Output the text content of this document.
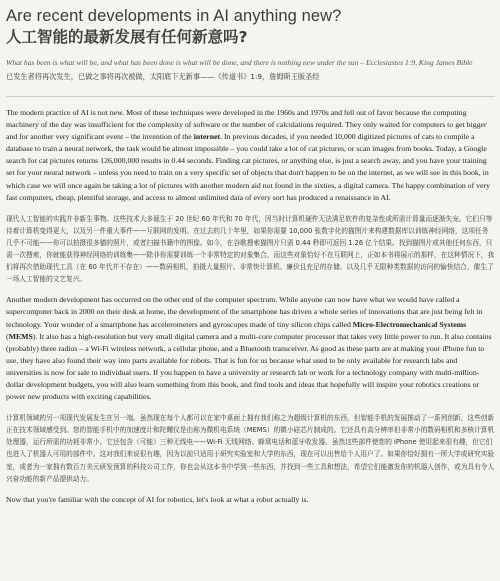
Are recent developments in AI anything new?
人工智能的最新发展有任何新意吗?

What has been is what will be, and what has been done is what will be done, and there is nothing new under the sun – Ecclesiastes 1:9, King James Bible

已发生者将再次发生，已做之事将再次被做，太阳底下无新事——《传道书》1:9，詹姆斯王版圣经

The modern practice of AI is not new. Most of these techniques were developed in the 1960s and 1970s and fell out of favor because the computing machinery of the day was insufficient for the complexity of software or the number of calculations required. They only waited for computers to get bigger and for another very significant event – the invention of the internet. In previous decades, if you needed 10,000 digitized pictures of cats to compile a database to train a neural network, the task would be almost impossible – you could take a lot of cat pictures, or scan images from books. Today, a Google search for cat pictures returns 126,000,000 results in 0.44 seconds. Finding cat pictures, or anything else, is just a search away, and you have your training set for your neural network – unless you need to train on a very specific set of objects that don't happen to be on the internet, as we will see in this book, in which case we will once again be taking a lot of pictures with another modern aid not found in the sixties, a digital camera. The happy combination of very fast computers, cheap, plentiful storage, and access to almost unlimited data of every sort has produced a renaissance in AI.

现代人工智能的实践并非新生事物。这些技术大多诞生于 20 世纪 60 年代和 70 年代，因当时计算机硬件无法满足软件的复杂性或所需计算量而逐渐失宠。它们只等待着计算机变得更大，以及另一件重大事件——互联网的发明。在过去的几十年里，如果你需要 10,000 张数字化的猫图片来构建数据库以训练神经网络，这项任务几乎不可能——你可以拍摄很多猫的照片，或者扫描书籍中的图像。如今，在谷歌搜索猫图片只需 0.44 秒即可返回 1.26 亿个结果。找到猫图片或其他任何东西，只需一次搜索，你就能获得神经网络的训练集——除非你需要训练一个非常特定的对象集合，而这些对象恰好不在互联网上，正如本书将展示的那样，在这种情况下，我们将再次借助现代工具（在 60 年代并不存在）——数码相机，拍摄大量照片。非常快计算机、廉价且充足的存储、以及几乎无限种类数据的访问的愉快结合，催生了一场人工智能的文艺复兴。

Another modern development has occurred on the other end of the computer spectrum. While anyone can now have what we would have called a supercomputer back in 2000 on their desk at home, the development of the smartphone has driven a whole series of innovations that are just being felt in technology. Your wonder of a smartphone has accelerometers and gyroscopes made of tiny silicon chips called Micro-Electromechanical Systems (MEMS). It also has a high-resolution but very small digital camera and a multi-core computer processor that takes very little power to run. It also contains (probably) three radios – a Wi-Fi wireless network, a cellular phone, and a Bluetooth transceiver. As good as these parts are at making your iPhone fun to use, they have also found their way into parts available for robots. That is fun for us because what used to be only available for research labs and universities is now for sale to individual users. If you happen to have a university or research lab or work for a technology company with multi-million-dollar development budgets, you will also learn something from this book, and find tools and ideas that hopefully will inspire your robotics creations or power new products with exciting capabilities.

计算机领域的另一项现代发展发生在另一端。虽然现在每个人都可以在家中桌面上拥有我们称之为超级计算机的东西，但智能手机的发展推动了一系列创新，这些创新正在技术领域感受到。您的智能手机中的加速度计和陀螺仪是由称为微机电系统（MEMS）的微小硅芯片制成的。它还具有高分辨率但非常小的数码相机和多核计算机处理器，运行所需的功耗非常小。它还包含（可能）三种无线电——Wi-Fi 无线网络、蜂窝电话和蓝牙收发器。虽然这些部件使您的 iPhone 使用起来很有趣，但它们也进入了机器人可用的部件中。这对我们来说很有趣，因为以前只适用于研究实验室和大学的东西，现在可以出售给个人用户了。如果你恰好拥有一所大学或研究实验室，或者为一家拥有数百万美元研发预算的科技公司工作，你也会从这本书中学到一些东西，并找到一些工具和想法，希望它们能激发你的机器人创作，或为具有令人兴奋功能的新产品提供动力。

Now that you're familiar with the concept of AI for robotics, let's look at what a robot actually is.
